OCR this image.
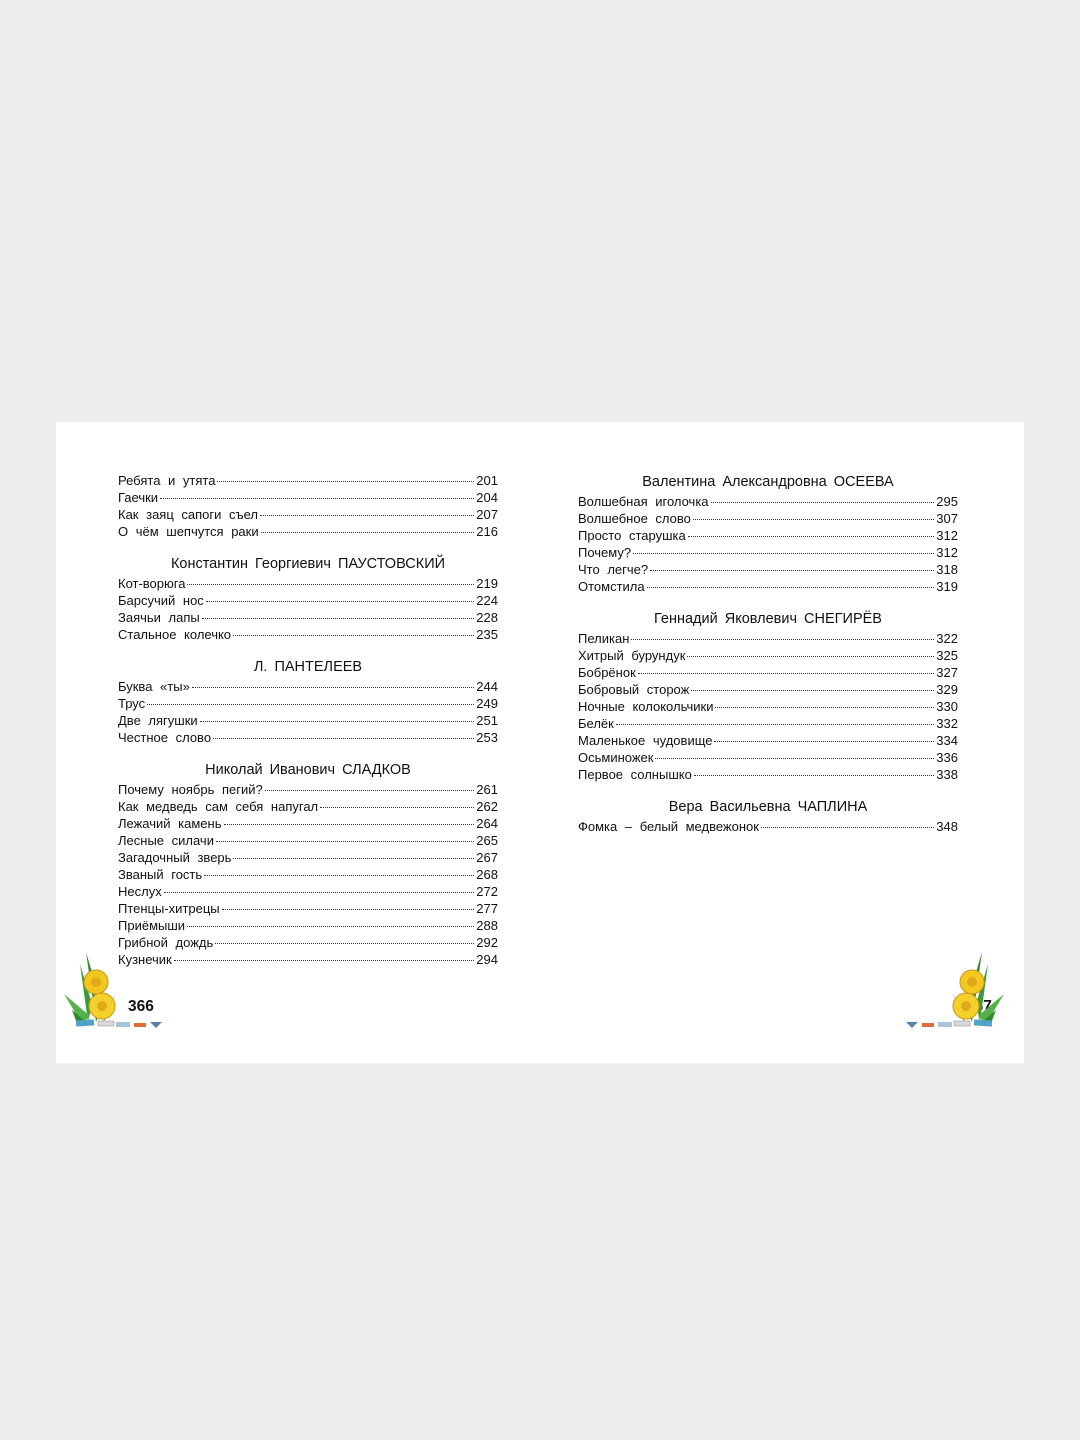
Ребята и утята	201
Гаечки	204
Как заяц сапоги съел	207
О чём шепчутся раки	216
Константин Георгиевич ПАУСТОВСКИЙ
Кот-ворюга	219
Барсучий нос	224
Заячьи лапы	228
Стальное колечко	235
Л. ПАНТЕЛЕЕВ
Буква «ты»	244
Трус	249
Две лягушки	251
Честное слово	253
Николай Иванович СЛАДКОВ
Почему ноябрь пегий?	261
Как медведь сам себя напугал	262
Лежачий камень	264
Лесные силачи	265
Загадочный зверь	267
Званый гость	268
Неслух	272
Птенцы-хитрецы	277
Приёмыши	288
Грибной дождь	292
Кузнечик	294
366
Валентина Александровна ОСЕЕВА
Волшебная иголочка	295
Волшебное слово	307
Просто старушка	312
Почему?	312
Что легче?	318
Отомстила	319
Геннадий Яковлевич СНЕГИРЁВ
Пеликан	322
Хитрый бурундук	325
Бобрёнок	327
Бобровый сторож	329
Ночные колокольчики	330
Белёк	332
Маленькое чудовище	334
Осьминожек	336
Первое солнышко	338
Вера Васильевна ЧАПЛИНА
Фомка – белый медвежонок	348
